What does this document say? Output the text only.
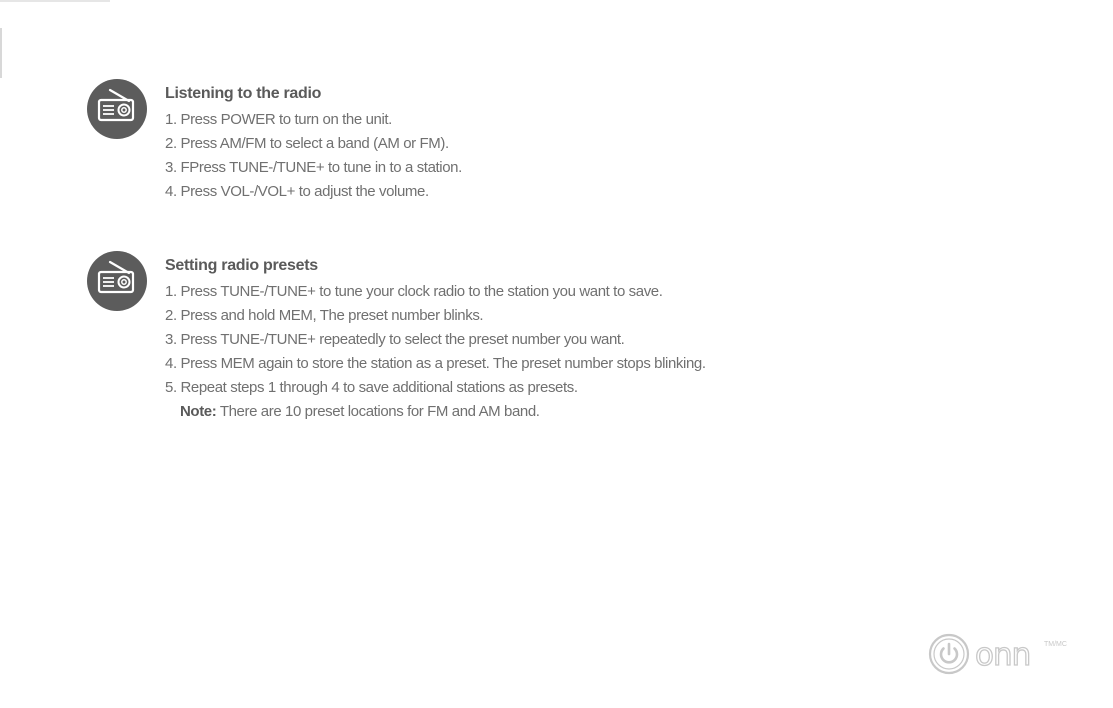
Listening to the radio
1. Press POWER to turn on the unit.
2. Press AM/FM to select a band (AM or FM).
3. FPress TUNE-/TUNE+ to tune in to a station.
4. Press VOL-/VOL+ to adjust the volume.
Setting radio presets
1. Press TUNE-/TUNE+ to tune your clock radio to the station you want to save.
2. Press and hold MEM, The preset number blinks.
3. Press TUNE-/TUNE+ repeatedly to select the preset number you want.
4. Press MEM again to store the station as a preset. The preset number stops blinking.
5. Repeat steps 1 through 4 to save additional stations as presets.
Note: There are 10 preset locations for FM and AM band.
onn TM/MC
